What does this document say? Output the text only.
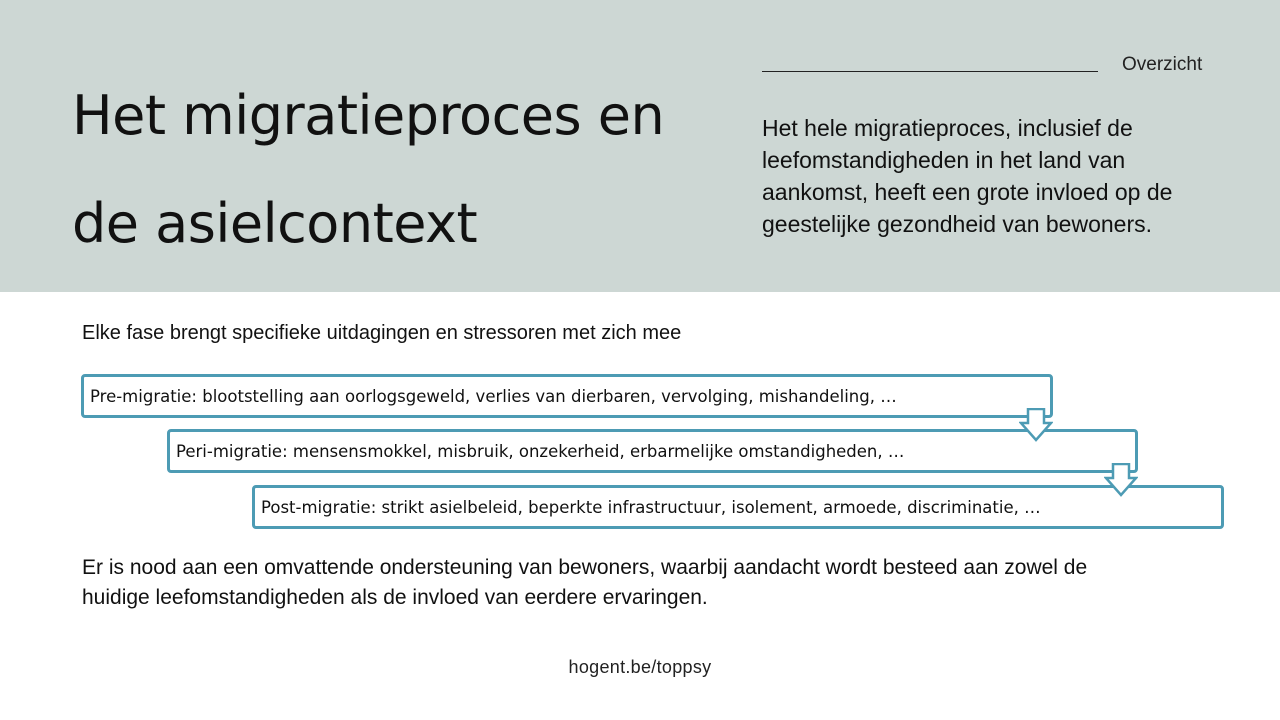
Het migratieproces en
de asielcontext
Overzicht

Het hele migratieproces, inclusief de leefomstandigheden in het land van aankomst, heeft een grote invloed op de geestelijke gezondheid van bewoners.

Elke fase brengt specifieke uitdagingen en stressoren met zich mee

Pre-migratie: blootstelling aan oorlogsgeweld, verlies van dierbaren, vervolging, mishandeling, …
Peri-migratie: mensensmokkel, misbruik, onzekerheid, erbarmelijke omstandigheden, …
Post-migratie: strikt asielbeleid, beperkte infrastructuur, isolement, armoede, discriminatie, …

Er is nood aan een omvattende ondersteuning van bewoners, waarbij aandacht wordt besteed aan zowel de huidige leefomstandigheden als de invloed van eerdere ervaringen.

hogent.be/toppsy
